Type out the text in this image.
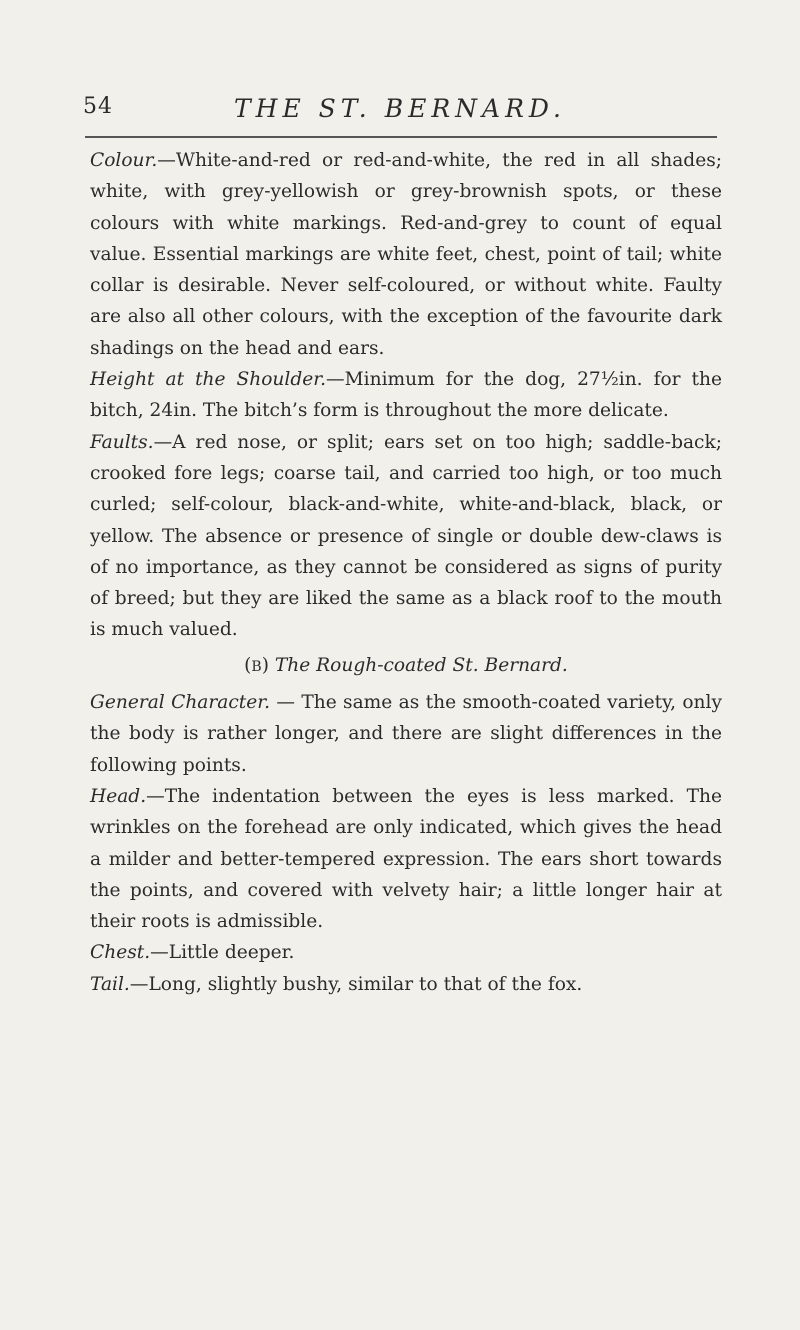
54	THE ST. BERNARD.

Colour.—White-and-red or red-and-white, the red in all shades; white, with grey-yellowish or grey-brownish spots, or these colours with white markings. Red-and-grey to count of equal value. Essential markings are white feet, chest, point of tail; white collar is desirable. Never self-coloured, or without white. Faulty are also all other colours, with the exception of the favourite dark shadings on the head and ears.

Height at the Shoulder.—Minimum for the dog, 27½in. for the bitch, 24in. The bitch’s form is throughout the more delicate.

Faults.—A red nose, or split; ears set on too high; saddle-back; crooked fore legs; coarse tail, and carried too high, or too much curled; self-colour, black-and-white, white-and-black, black, or yellow. The absence or presence of single or double dew-claws is of no importance, as they cannot be considered as signs of purity of breed; but they are liked the same as a black roof to the mouth is much valued.

(B) The Rough-coated St. Bernard.

General Character. — The same as the smooth-coated variety, only the body is rather longer, and there are slight differences in the following points.

Head.—The indentation between the eyes is less marked. The wrinkles on the forehead are only indicated, which gives the head a milder and better-tempered expression. The ears short towards the points, and covered with velvety hair; a little longer hair at their roots is admissible.

Chest.—Little deeper.

Tail.—Long, slightly bushy, similar to that of the fox.
